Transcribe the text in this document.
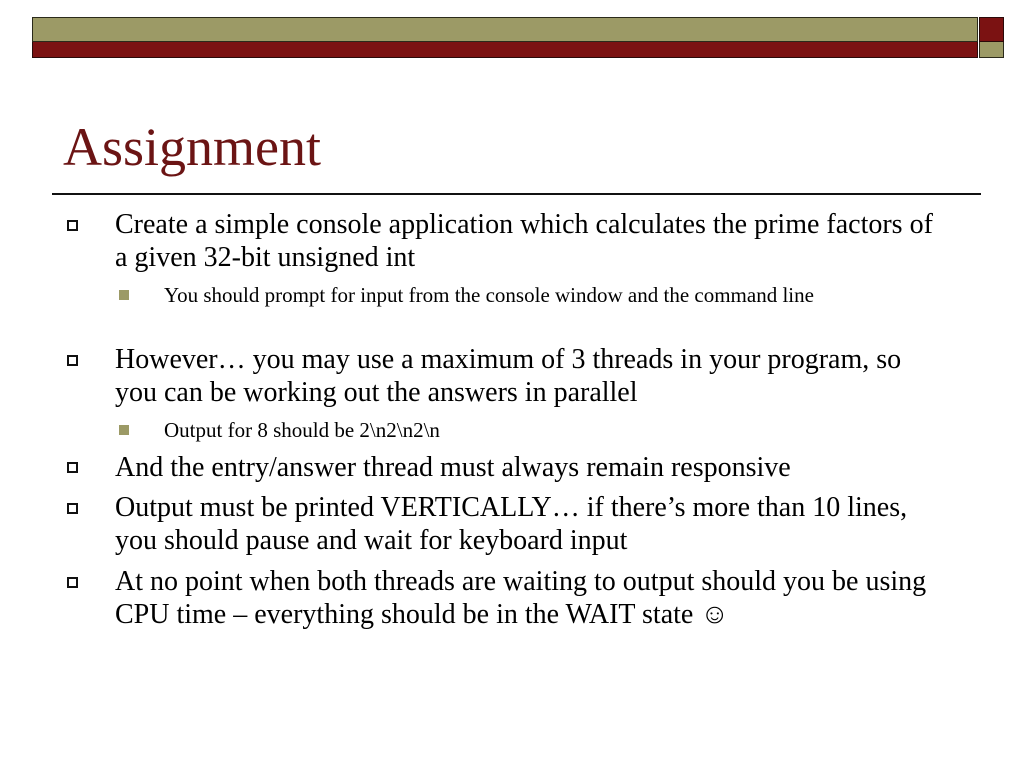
Assignment

Create a simple console application which calculates the prime factors of a given 32-bit unsigned int

You should prompt for input from the console window and the command line

However… you may use a maximum of 3 threads in your program, so you can be working out the answers in parallel

Output for 8 should be 2\n2\n2\n

And the entry/answer thread must always remain responsive

Output must be printed VERTICALLY… if there’s more than 10 lines, you should pause and wait for keyboard input

At no point when both threads are waiting to output should you be using CPU time – everything should be in the WAIT state ☺
